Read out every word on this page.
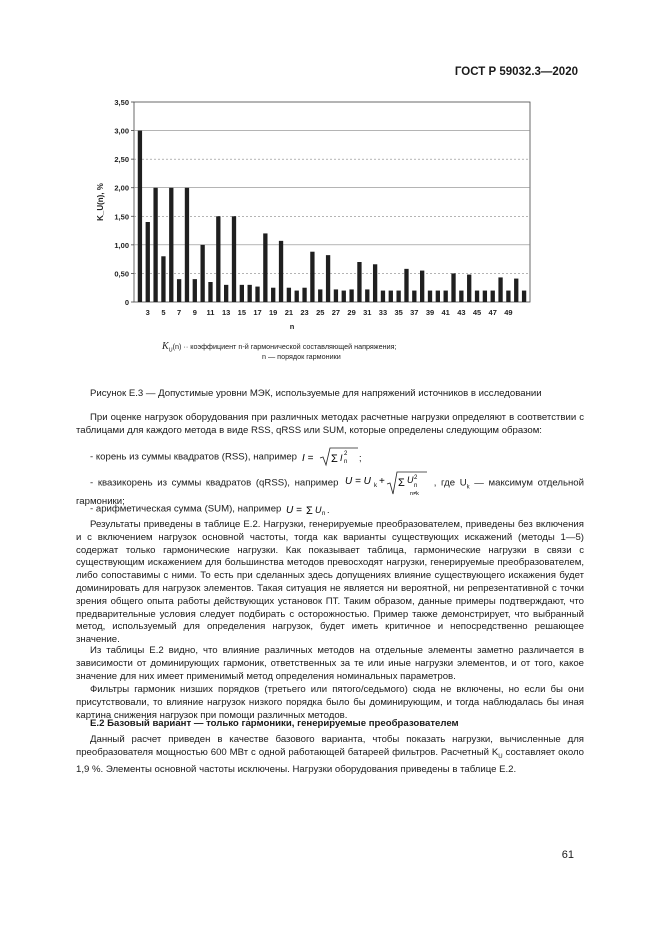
ГОСТ Р 59032.3—2020
3,50
3,00
2,50
2,00
1,50
1,00
0,50
0
3 5 7 9 11 13 15 17 19 21 23 25 27 29 31 33 35 37 39 41 43 45 47 49
n
K_U(n), %
$K_U(n)$ ·· коэффициент n-й гармонической составляющей напряжения;
n — порядок гармоники
Рисунок Е.3 — Допустимые уровни МЭК, используемые для напряжений источников в исследовании
При оценке нагрузок оборудования при различных методах расчетные нагрузки определяют в соответствии с таблицами для каждого метода в виде RSS, qRSS или SUM, которые определены следующим образом:
- корень из суммы квадратов (RSS), например I = Σ I n
2 ;
- квазикорень из суммы квадратов (qRSS), например U = U k + Σ U 2
n
n≠k
, где $U_k$ — максимум отдельной гармоники;
- арифметическая сумма (SUM), например U = Σ U n .
Результаты приведены в таблице Е.2. Нагрузки, генерируемые преобразователем, приведены без включения и с включением нагрузок основной частоты, тогда как варианты существующих искажений (методы 1—5) содержат только гармонические нагрузки. Как показывает таблица, гармонические нагрузки в связи с существующим искажением для большинства методов превосходят нагрузки, генерируемые преобразователем, либо сопоставимы с ними. То есть при сделанных здесь допущениях влияние существующего искажения будет доминировать для нагрузок элементов. Такая ситуация не является ни вероятной, ни репрезентативной с точки зрения общего опыта работы действующих установок ПТ. Таким образом, данные примеры подтверждают, что предварительные условия следует подбирать с осторожностью. Пример также демонстрирует, что выбранный метод, используемый для определения нагрузок, будет иметь критичное и непосредственно решающее значение.
Из таблицы Е.2 видно, что влияние различных методов на отдельные элементы заметно различается в зависимости от доминирующих гармоник, ответственных за те или иные нагрузки элементов, и от того, какое значение для них имеет применимый метод определения номинальных параметров.
Фильтры гармоник низших порядков (третьего или пятого/седьмого) сюда не включены, но если бы они присутствовали, то влияние нагрузок низкого порядка было бы доминирующим, и тогда наблюдалась бы иная картина снижения нагрузок при помощи различных методов.
Е.2 Базовый вариант — только гармоники, генерируемые преобразователем
Данный расчет приведен в качестве базового варианта, чтобы показать нагрузки, вычисленные для преобразователя мощностью 600 МВт с одной работающей батареей фильтров. Расчетный $K_U$ составляет около 1,9 %. Элементы основной частоты исключены. Нагрузки оборудования приведены в таблице Е.2.
61
